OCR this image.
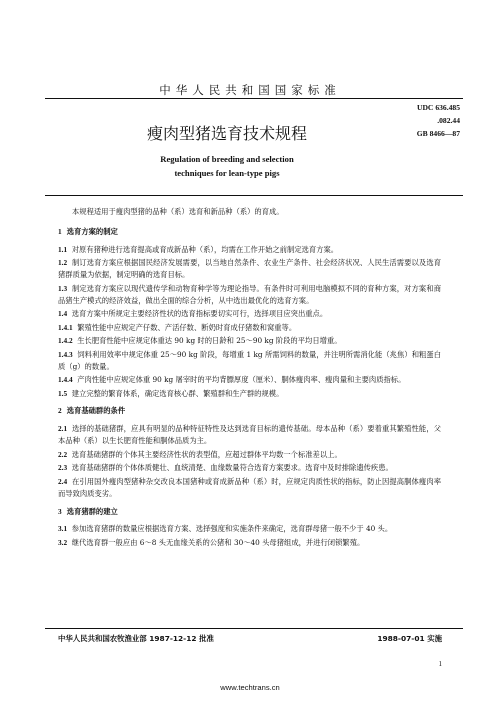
中华人民共和国国家标准
UDC 636.485
.082.44
GB 8466—87
瘦肉型猪选育技术规程
Regulation of breeding and selection
techniques for lean-type pigs

本规程适用于瘦肉型猪的品种（系）选育和新品种（系）的育成。

1 选育方案的制定

1.1 对原有猪种进行选育提高或育成新品种（系），均需在工作开始之前制定选育方案。

1.2 制订选育方案应根据国民经济发展需要，以当地自然条件、农业生产条件、社会经济状况、人民生活需要以及选育猪群质量为依据，制定明确的选育目标。

1.3 制定选育方案应以现代遗传学和动物育种学等为理论指导。有条件时可利用电脑模拟不同的育种方案，对方案和商品猪生产模式的经济效益，做出全面的综合分析，从中选出最优化的选育方案。

1.4 选育方案中所规定主要经济性状的选育指标要切实可行，选择项目应突出重点。

1.4.1 繁殖性能中应规定产仔数、产活仔数、断奶时育成仔猪数和窝重等。

1.4.2 生长肥育性能中应规定体重达 90 kg 时的日龄和 25～90 kg 阶段的平均日增重。

1.4.3 饲料利用效率中规定体重 25～90 kg 阶段，每增重 1 kg 所需饲料的数量，并注明所需消化能（兆焦）和粗蛋白质（g）的数量。

1.4.4 产肉性能中应规定体重 90 kg 屠宰时的平均背膘厚度（厘米）、胴体瘦肉率、瘦肉量和主要肉质指标。

1.5 建立完整的繁育体系，确定选育核心群、繁殖群和生产群的规模。

2 选育基础群的条件

2.1 选择的基础猪群，应具有明显的品种特征特性及达到选育目标的遗传基础。母本品种（系）要着重其繁殖性能，父本品种（系）以生长肥育性能和胴体品质为主。

2.2 选育基础猪群的个体其主要经济性状的表型值，应超过群体平均数一个标准差以上。

2.3 选育基础猪群的个体体质健壮、血统清楚、血缘数量符合选育方案要求。选育中及时排除遗传疾患。

2.4 在引用国外瘦肉型猪种杂交改良本国猪种或育成新品种（系）时，应规定肉质性状的指标，防止因提高胴体瘦肉率而导致肉质变劣。

3 选育猪群的建立

3.1 参加选育猪群的数量应根据选育方案、选择强度和实施条件来确定，选育群母猪一般不少于 40 头。

3.2 继代选育群一般应由 6～8 头无血缘关系的公猪和 30～40 头母猪组成，并进行闭锁繁殖。

中华人民共和国农牧渔业部 1987-12-12 批准	1988-07-01 实施
1
www.techtrans.cn
